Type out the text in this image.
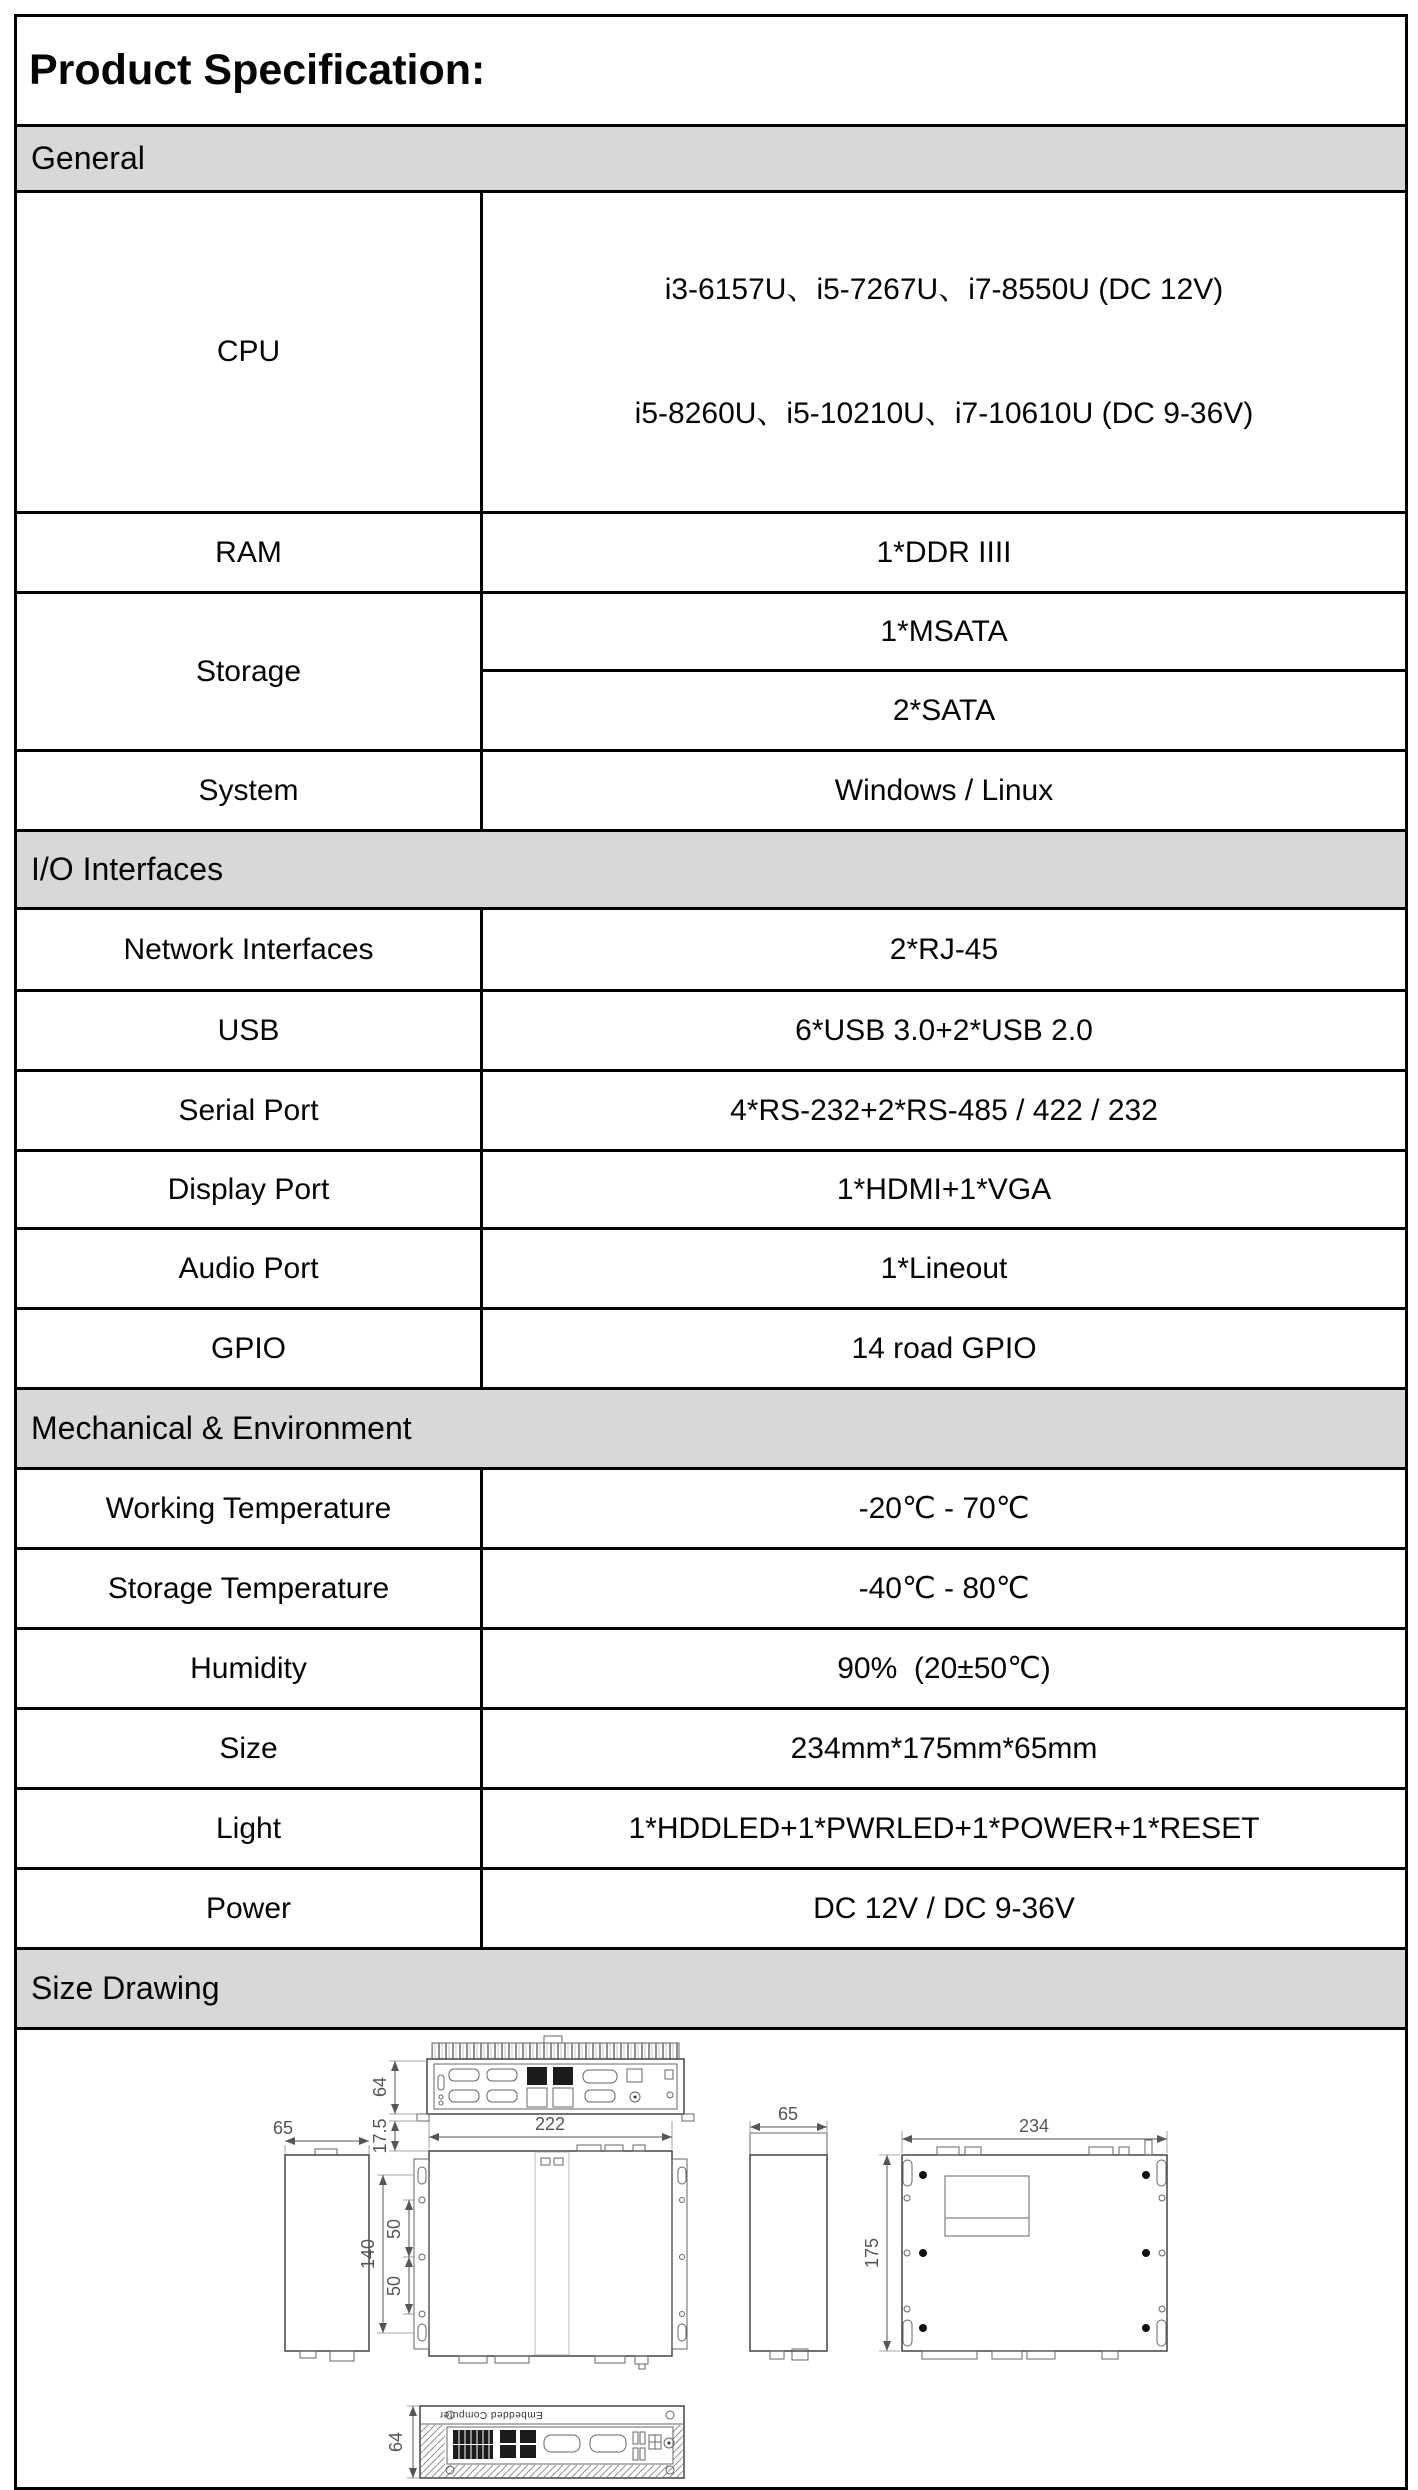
Product Specification:	
General	
CPU	i3-6157U、i5-7267U、i7-8550U (DC 12V)

i5-8260U、i5-10210U、i7-10610U (DC 9-36V)

RAM	1*DDR IIII
Storage	1*MSATA
	2*SATA
System	Windows / Linux
I/O Interfaces	
Network Interfaces	2*RJ-45
USB	6*USB 3.0+2*USB 2.0
Serial Port	4*RS-232+2*RS-485 / 422 / 232
Display Port	1*HDMI+1*VGA
Audio Port	1*Lineout
GPIO	14 road GPIO
Mechanical & Environment	
Working Temperature	-20℃ - 70℃
Storage Temperature	-40℃ - 80℃
Humidity	90%  (20±50℃)
Size	234mm*175mm*65mm
Light	1*HDDLED+1*PWRLED+1*POWER+1*RESET
Power	DC 12V / DC 9-36V
Size Drawing	

64
17.5	222
65
140
50
50
65
234
175
Embedded Computer
64
